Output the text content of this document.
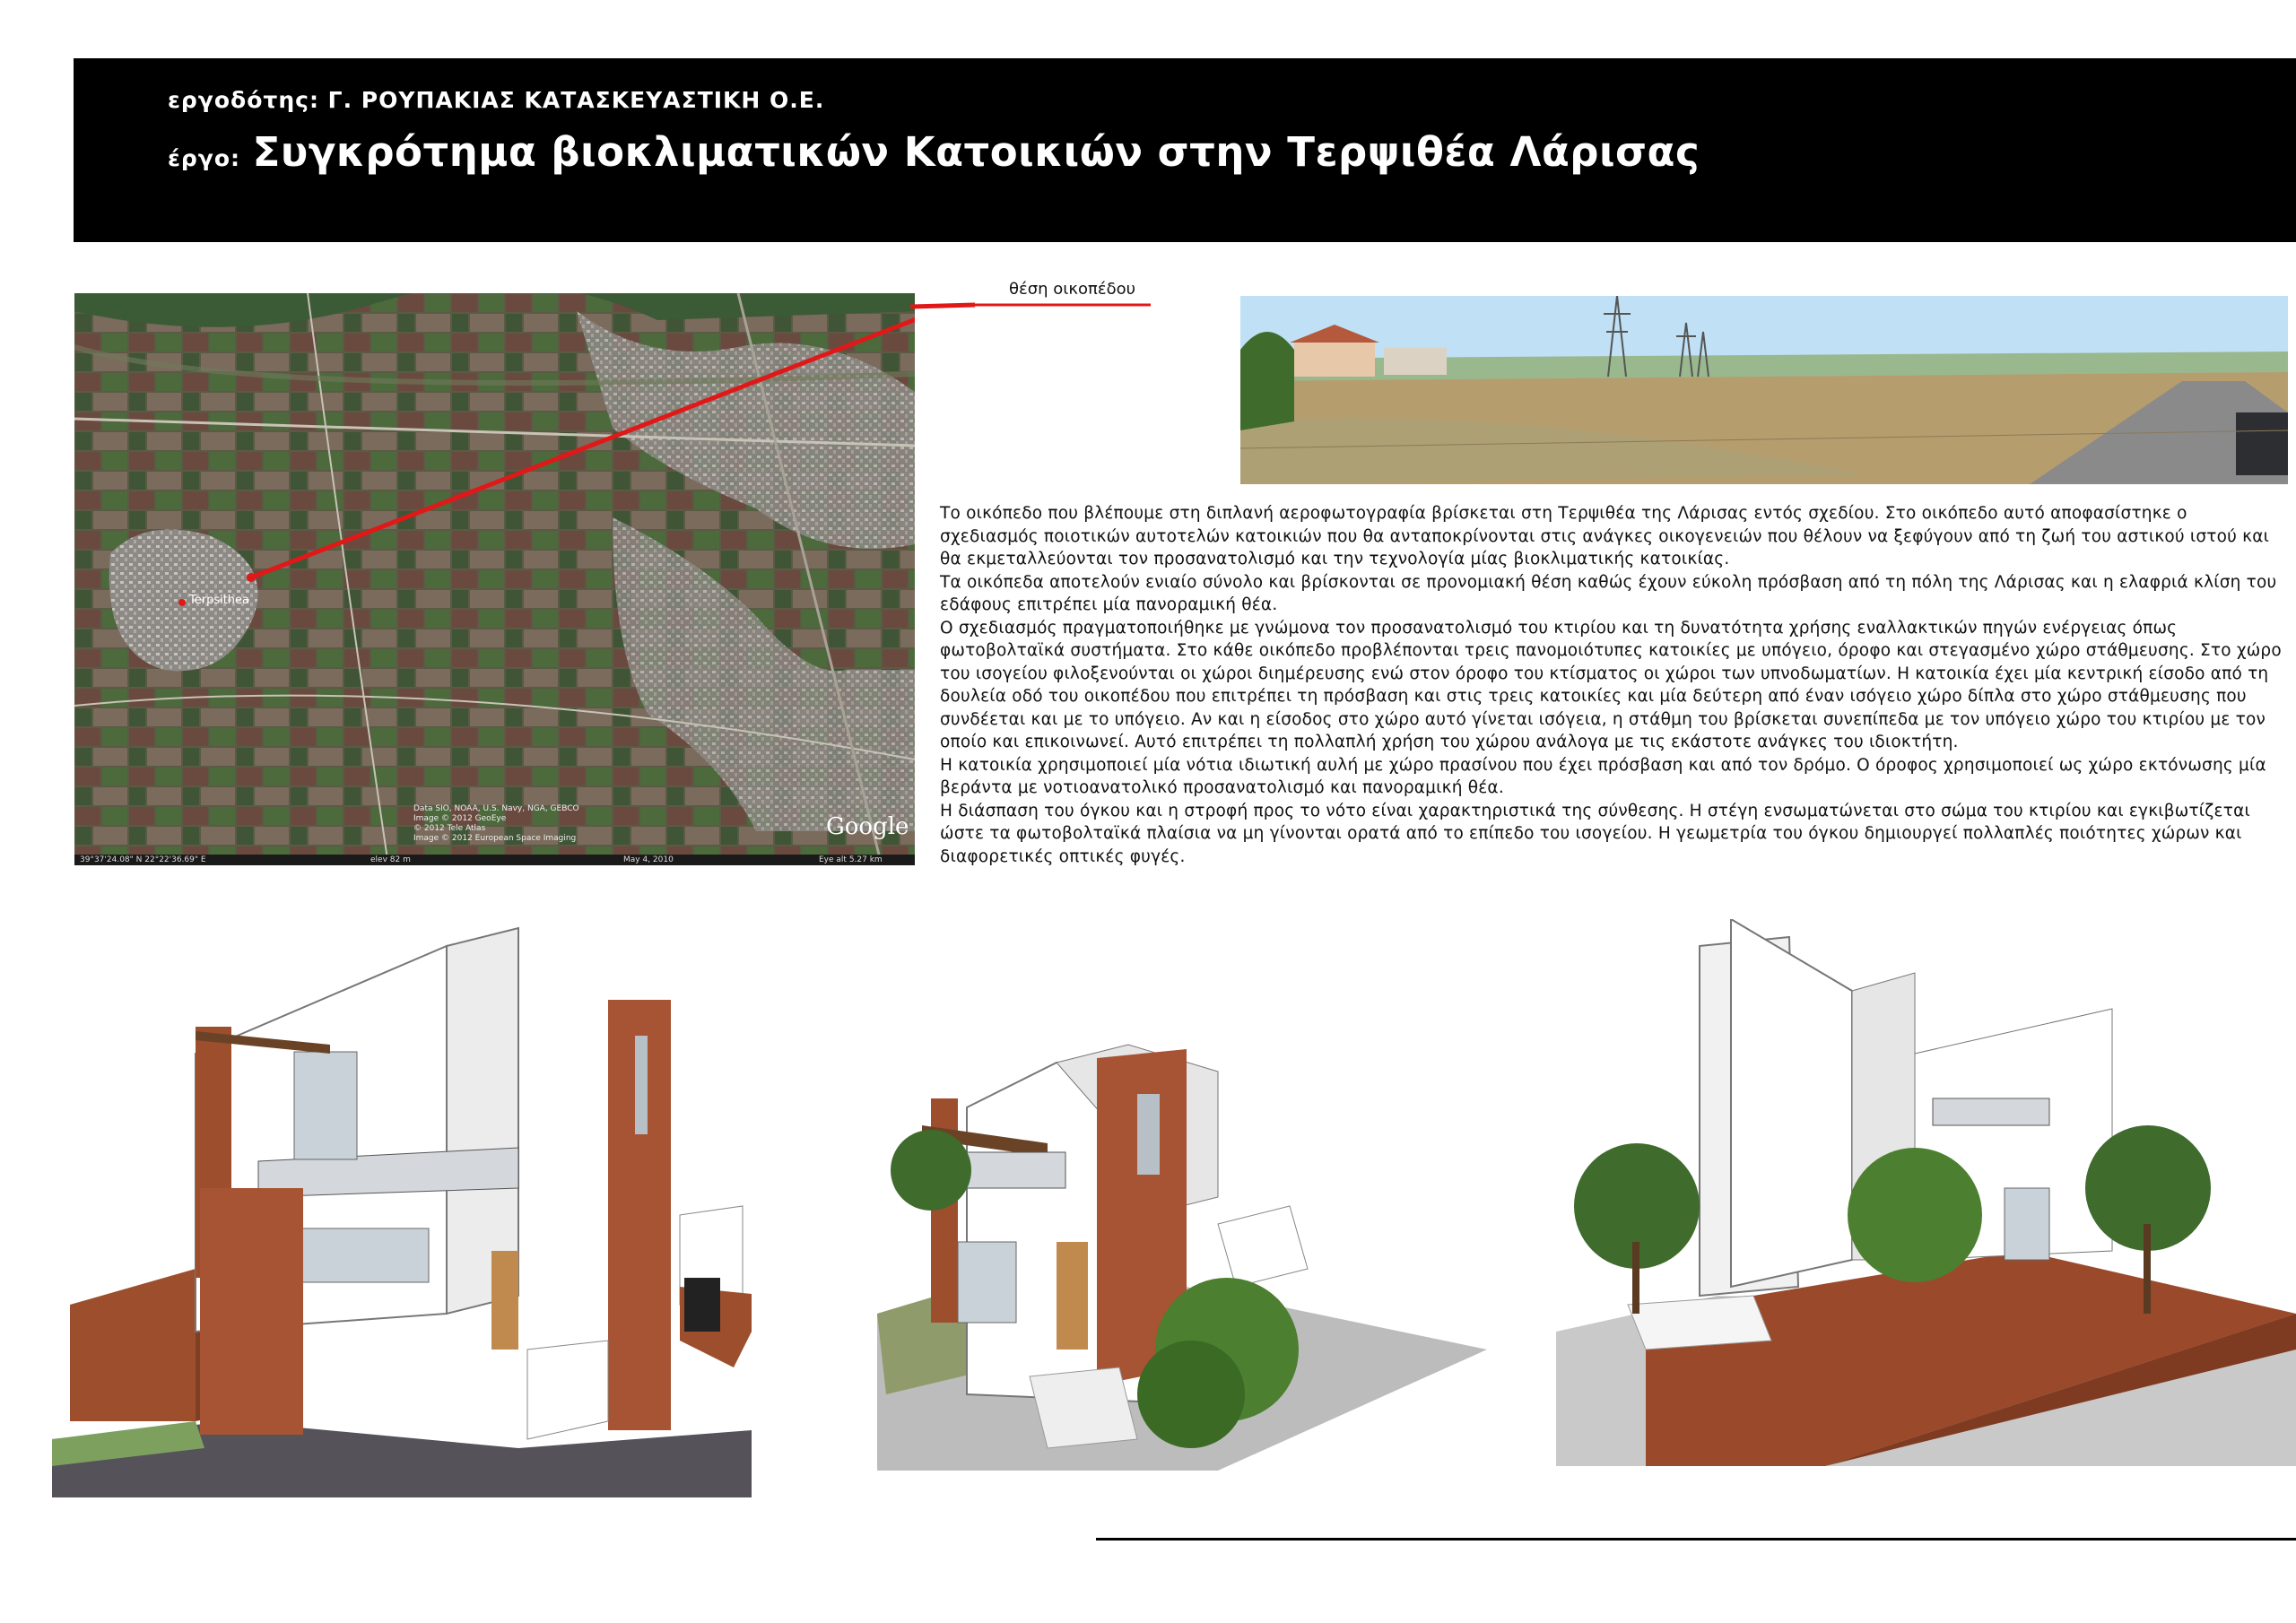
εργοδότης: Γ. ΡΟΥΠΑΚΙΑΣ ΚΑΤΑΣΚΕΥΑΣΤΙΚΗ Ο.Ε.
έργο: Συγκρότημα βιοκλιματικών Κατοικιών στην Τερψιθέα Λάρισας
Terpsithea
Data SIO, NOAA, U.S. Navy, NGA, GEBCO
Image © 2012 GeoEye
© 2012 Tele Atlas
Image © 2012 European Space Imaging	Google
39°37'24.08" N 22°22'36.69" E	elev 82 m	May 4, 2010	Eye alt 5.27 km
θέση οικοπέδου

Το οικόπεδο που βλέπουμε στη διπλανή αεροφωτογραφία βρίσκεται στη Τερψιθέα της Λάρισας εντός σχεδίου. Στο οικόπεδο αυτό αποφασίστηκε ο σχεδιασμός ποιοτικών αυτοτελών κατοικιών που θα ανταποκρίνονται στις ανάγκες οικογενειών που θέλουν να ξεφύγουν από τη ζωή του αστικού ιστού και θα εκμεταλλεύονται τον προσανατολισμό και την τεχνολογία μίας βιοκλιματικής κατοικίας.

Τα οικόπεδα αποτελούν ενιαίο σύνολο και βρίσκονται σε προνομιακή θέση καθώς έχουν εύκολη πρόσβαση από τη πόλη της Λάρισας και η ελαφριά κλίση του εδάφους επιτρέπει μία πανοραμική θέα.

Ο σχεδιασμός πραγματοποιήθηκε με γνώμονα τον προσανατολισμό του κτιρίου και τη δυνατότητα χρήσης εναλλακτικών πηγών ενέργειας όπως φωτοβολταϊκά συστήματα. Στο κάθε οικόπεδο προβλέπονται τρεις πανομοιότυπες κατοικίες με υπόγειο, όροφο και στεγασμένο χώρο στάθμευσης. Στο χώρο του ισογείου φιλοξενούνται οι χώροι διημέρευσης ενώ στον όροφο του κτίσματος οι χώροι των υπνοδωματίων. Η κατοικία έχει μία κεντρική είσοδο από τη δουλεία οδό του οικοπέδου που επιτρέπει τη πρόσβαση και στις τρεις κατοικίες και μία δεύτερη από έναν ισόγειο χώρο δίπλα στο χώρο στάθμευσης που συνδέεται και με το υπόγειο. Αν και η είσοδος στο χώρο αυτό γίνεται ισόγεια, η στάθμη του βρίσκεται συνεπίπεδα με τον υπόγειο χώρο του κτιρίου με τον οποίο και επικοινωνεί. Αυτό επιτρέπει τη πολλαπλή χρήση του χώρου ανάλογα με τις εκάστοτε ανάγκες του ιδιοκτήτη.

Η κατοικία χρησιμοποιεί μία νότια ιδιωτική αυλή με χώρο πρασίνου που έχει πρόσβαση και από τον δρόμο. Ο όροφος χρησιμοποιεί ως χώρο εκτόνωσης μία βεράντα με νοτιοανατολικό προσανατολισμό και πανοραμική θέα.

Η διάσπαση του όγκου και η στροφή προς το νότο είναι χαρακτηριστικά της σύνθεσης. Η στέγη ενσωματώνεται στο σώμα του κτιρίου και εγκιβωτίζεται ώστε τα φωτοβολταϊκά πλαίσια να μη γίνονται ορατά από το επίπεδο του ισογείου. Η γεωμετρία του όγκου δημιουργεί πολλαπλές ποιότητες χώρων και διαφορετικές οπτικές φυγές.
